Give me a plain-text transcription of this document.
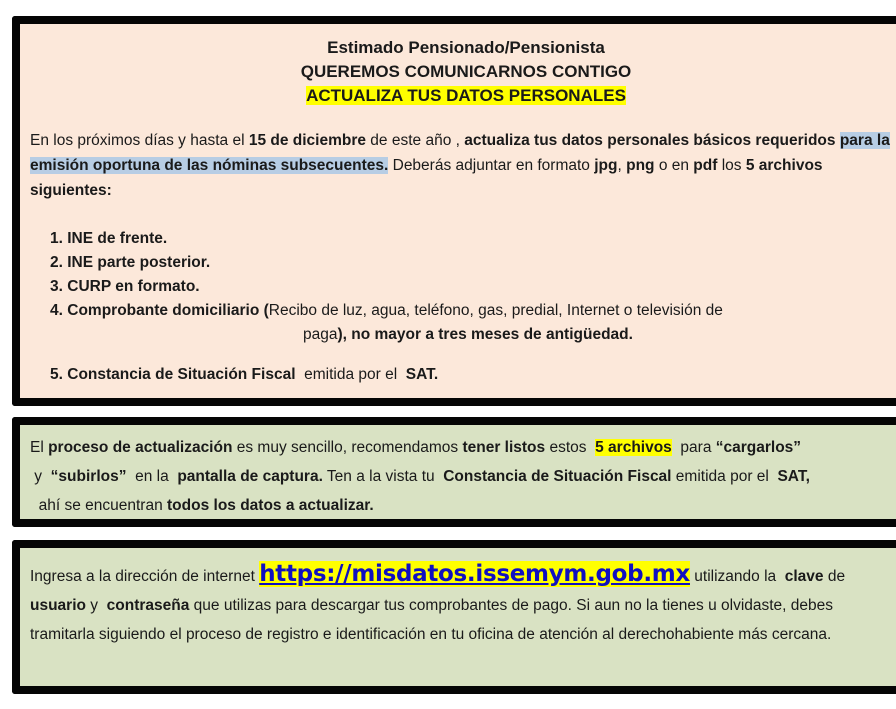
Estimado Pensionado/Pensionista
QUEREMOS COMUNICARNOS CONTIGO
ACTUALIZA TUS DATOS PERSONALES
En los próximos días y hasta el 15 de diciembre de este año , actualiza tus datos personales básicos requeridos para la emisión oportuna de las nóminas subsecuentes. Deberás adjuntar en formato jpg, png o en pdf los 5 archivos siguientes:
1. INE de frente.
2. INE parte posterior.
3. CURP en formato.
4. Comprobante domiciliario (Recibo de luz, agua, teléfono, gas, predial, Internet o televisión de
paga), no mayor a tres meses de antigüedad.
5. Constancia de Situación Fiscal  emitida por el  SAT.
El proceso de actualización es muy sencillo, recomendamos tener listos estos  5 archivos  para “cargarlos” y  “subirlos”  en la  pantalla de captura. Ten a la vista tu  Constancia de Situación Fiscal emitida por el  SAT,  ahí se encuentran todos los datos a actualizar.
Ingresa a la dirección de internet https://misdatos.issemym.gob.mx utilizando la  clave de usuario y  contraseña que utilizas para descargar tus comprobantes de pago. Si aun no la tienes u olvidaste, debes tramitarla siguiendo el proceso de registro e identificación en tu oficina de atención al derechohabiente más cercana.
